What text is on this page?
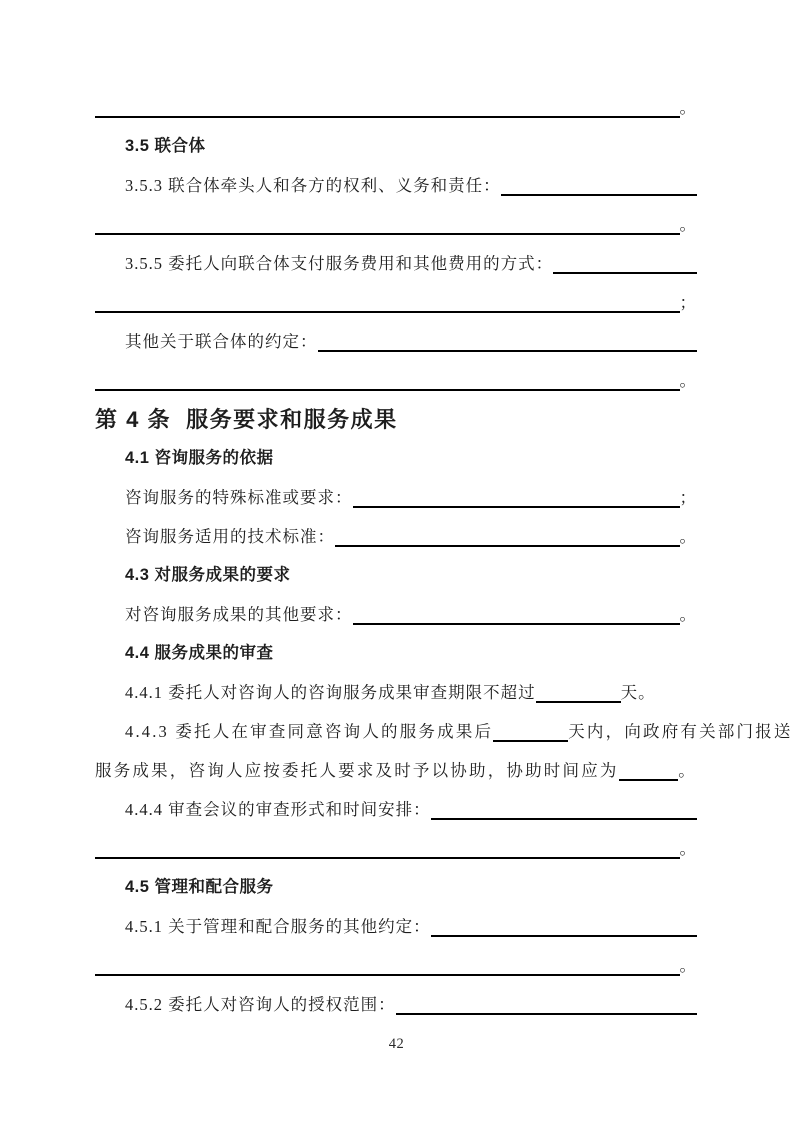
。
3.5 联合体
3.5.3 联合体牵头人和各方的权利、义务和责任：
。
3.5.5 委托人向联合体支付服务费用和其他费用的方式：
；
其他关于联合体的约定：
。
第 4 条  服务要求和服务成果
4.1 咨询服务的依据
咨询服务的特殊标准或要求：	；
咨询服务适用的技术标准：	。
4.3 对服务成果的要求
对咨询服务成果的其他要求：	。
4.4 服务成果的审查
4.4.1 委托人对咨询人的咨询服务成果审查期限不超过	天。
4.4.3 委托人在审查同意咨询人的服务成果后	天内，向政府有关部门报送
服务成果，咨询人应按委托人要求及时予以协助，协助时间应为	。
4.4.4 审查会议的审查形式和时间安排：
。
4.5 管理和配合服务
4.5.1 关于管理和配合服务的其他约定：
。
4.5.2 委托人对咨询人的授权范围：
42
